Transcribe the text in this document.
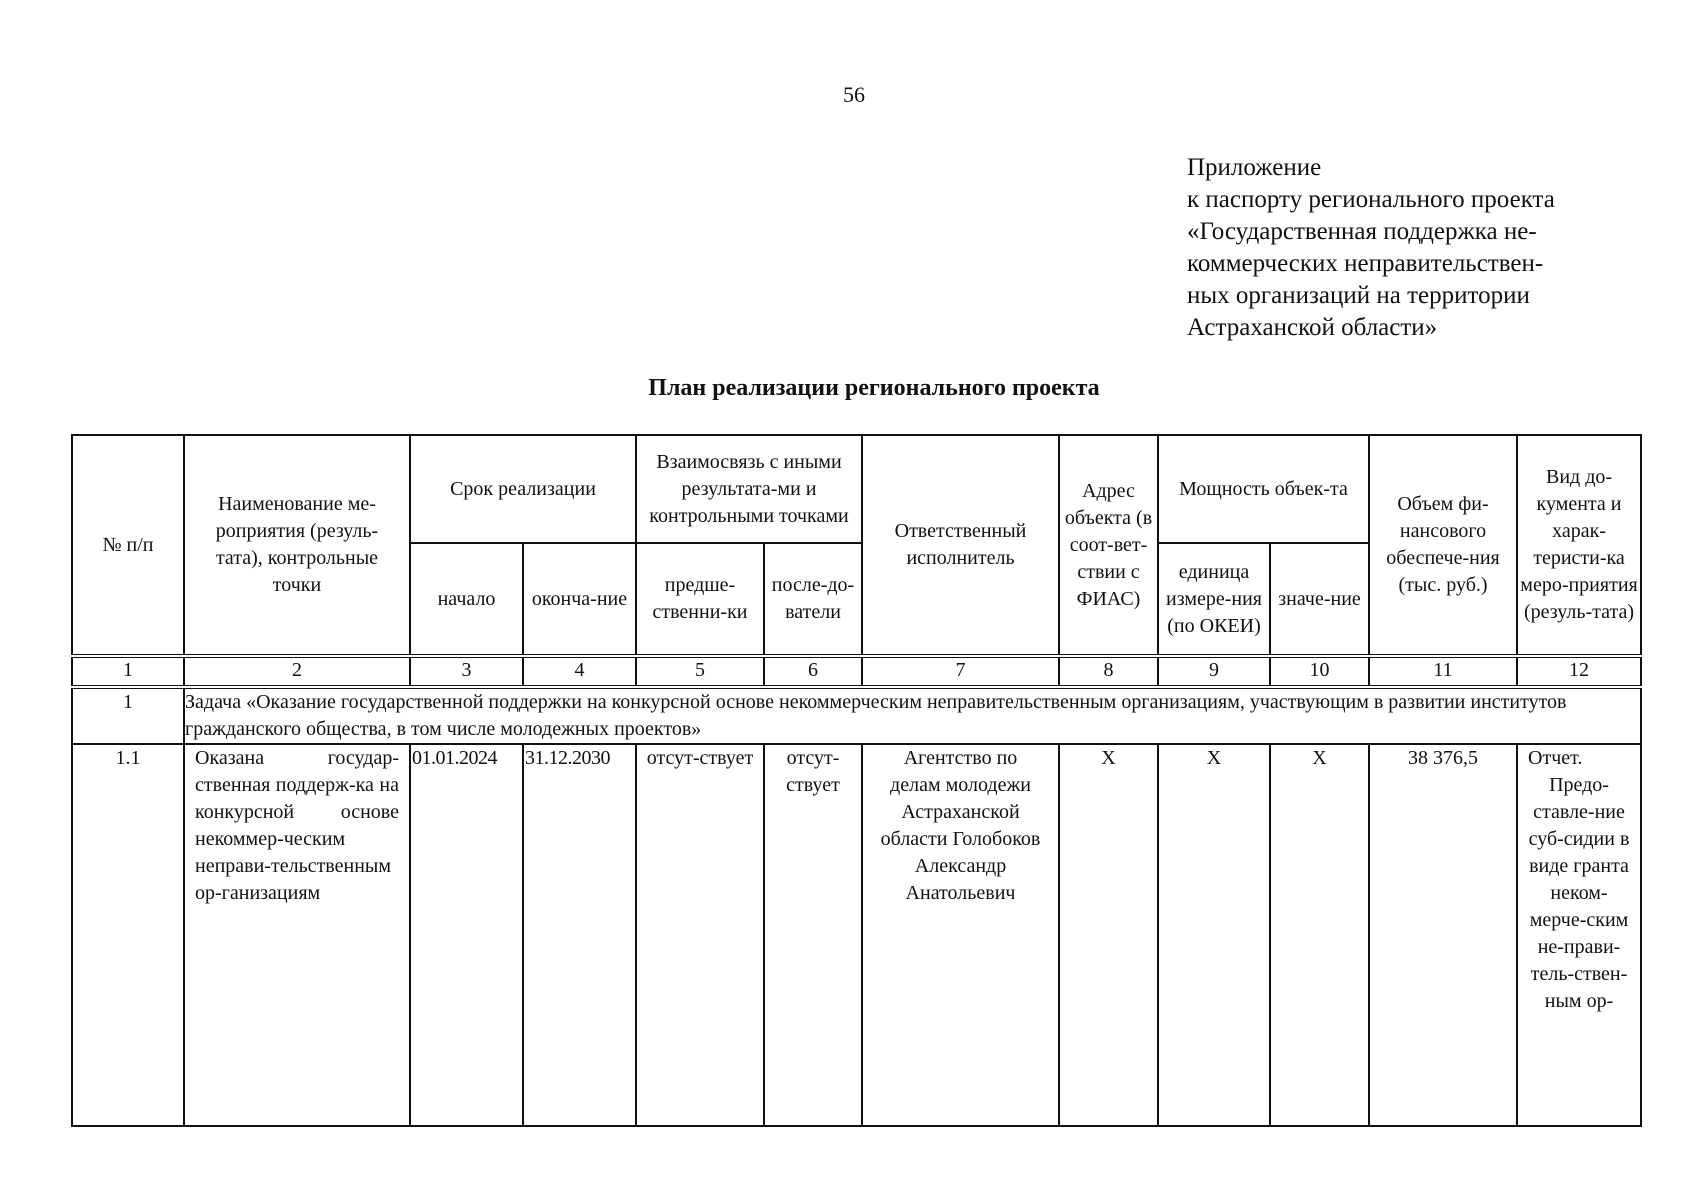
56
Приложение
к паспорту регионального проекта
«Государственная поддержка не-
коммерческих неправительствен-
ных организаций на территории
Астраханской области»
План реализации регионального проекта
№ п/п	Наименование ме-роприятия (резуль-тата), контрольные точки	Срок реализации		Взаимосвязь с иными результата-ми и контрольными точками		Ответственный исполнитель	Адрес объекта (в соот-вет-ствии с ФИАС)	Мощность объек-та		Объем фи-нансового обеспече-ния (тыс. руб.)	Вид до-кумента и харак-теристи-ка меро-приятия (резуль-тата)
		начало	оконча-ние	предше-ственни-ки	после-до-ватели			единица измере-ния (по ОКЕИ)	значе-ние		
1	2	3	4	5	6	7	8	9	10	11	12
1	Задача «Оказание государственной поддержки на конкурсной основе некоммерческим неправительственным организациям, участвующим в развитии институтов гражданского общества, в том числе молодежных проектов»										
1.1	Оказана государ-ственная поддерж-ка на конкурсной основе некоммер-ческим неправи-тельственным ор-ганизациям	01.01.2024	31.12.2030	отсут-ствует	отсут-ствует	Агентство по делам молодежи Астраханской области Голобоков Александр Анатольевич	X	X	X	38 376,5	Отчет.
Предо-ставле-ние суб-сидии в виде гранта неком-мерче-ским не-прави-тель-ствен-ным ор-
